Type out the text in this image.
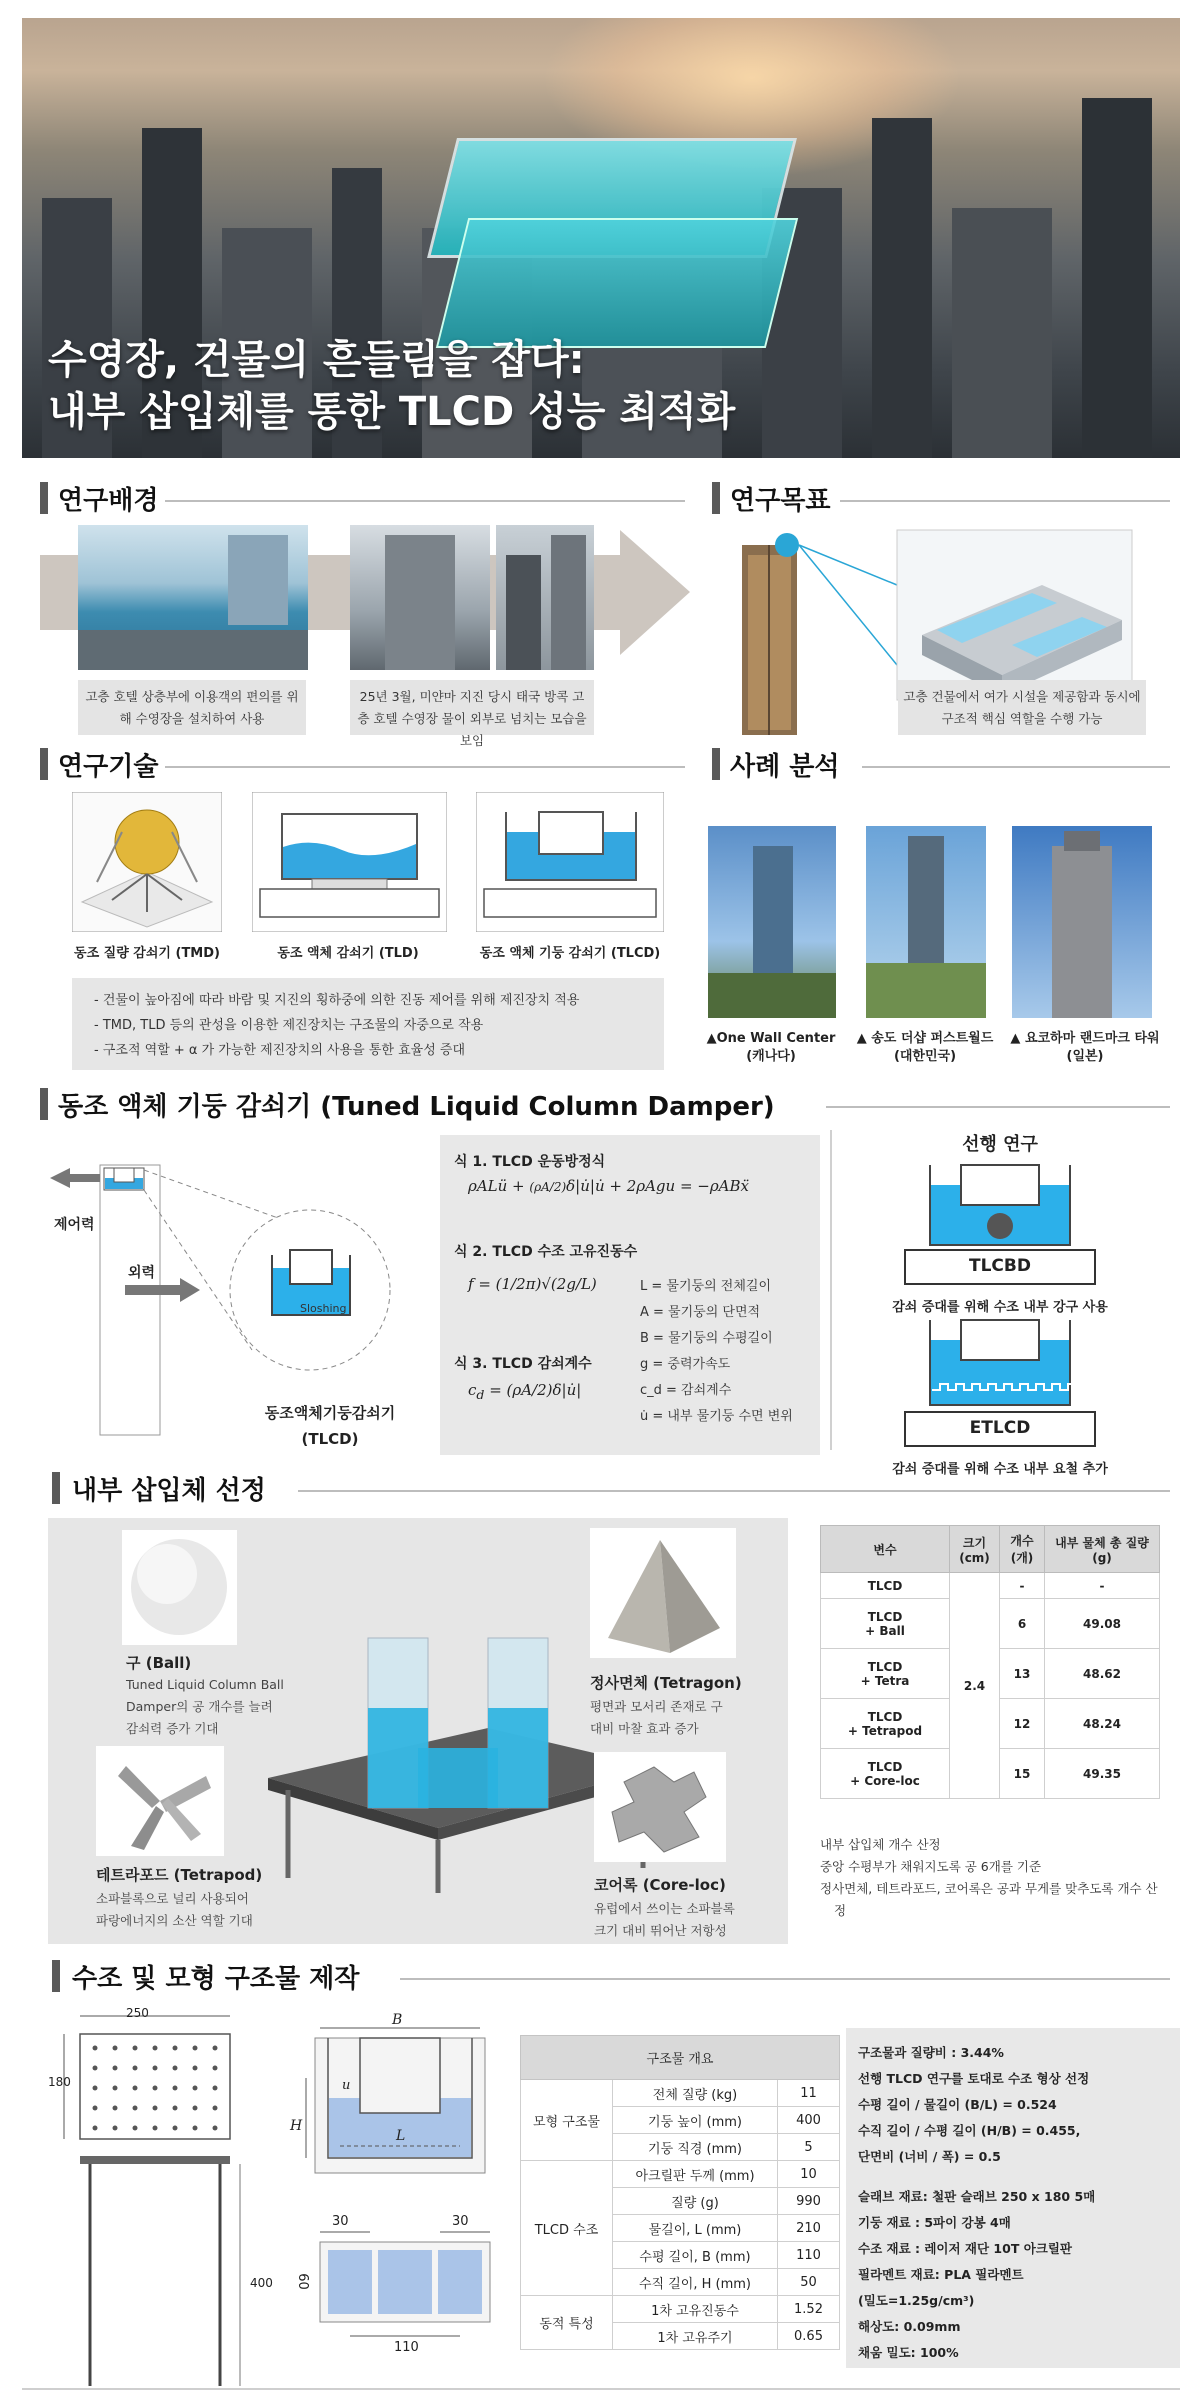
수영장, 건물의 흔들림을 잡다:
내부 삽입체를 통한 TLCD 성능 최적화
연구배경
고층 호텔 상층부에 이용객의 편의를 위해 수영장을 설치하여 사용
25년 3월, 미얀마 지진 당시 태국 방콕 고층 호텔 수영장 물이 외부로 넘치는 모습을 보임
연구목표
고층 건물에서 여가 시설을 제공함과 동시에 구조적 핵심 역할을 수행 가능
연구기술
동조 질량 감쇠기 (TMD)	동조 액체 감쇠기 (TLD)	동조 액체 기둥 감쇠기 (TLCD)
- 건물이 높아짐에 따라 바람 및 지진의 횡하중에 의한 진동 제어를 위해 제진장치 적용
- TMD, TLD 등의 관성을 이용한 제진장치는 구조물의 자중으로 작용
- 구조적 역할 + α 가 가능한 제진장치의 사용을 통한 효율성 증대
사례 분석
▲One Wall Center
(캐나다)
▲ 송도 더샵 퍼스트월드
(대한민국)
▲ 요코하마 랜드마크 타워
(일본)
동조 액체 기둥 감쇠기 (Tuned Liquid Column Damper)
제어력
외력
Sloshing
동조액체기둥감쇠기
(TLCD)
식 1. TLCD 운동방정식
ρALü + (ρA/2)δ|u̇|u̇ + 2ρAgu = −ρABẍ
식 2. TLCD 수조 고유진동수
f = (1/2π)√(2g/L)
식 3. TLCD 감쇠계수
$c_d$ = (ρA/2)δ|u̇|
L = 물기둥의 전체길이
A = 물기둥의 단면적
B = 물기둥의 수평길이
g = 중력가속도
c_d = 감쇠계수
u̇ = 내부 물기둥 수면 변위
선행 연구
TLCBD
감쇠 증대를 위해 수조 내부 강구 사용
ETLCD
감쇠 증대를 위해 수조 내부 요철 추가
내부 삽입체 선정
구 (Ball)
Tuned Liquid Column Ball
Damper의 공 개수를 늘려
감쇠력 증가 기대
정사면체 (Tetragon)
평면과 모서리 존재로 구
대비 마찰 효과 증가
테트라포드 (Tetrapod)
소파블록으로 널리 사용되어
파랑에너지의 소산 역할 기대
코어록 (Core-loc)
유럽에서 쓰이는 소파블록
크기 대비 뛰어난 저항성
변수	크기 (cm)	개수 (개)	내부 물체 총 질량 (g)
TLCD	2.4	-	-
TLCD
+ Ball		6	49.08
TLCD
+ Tetra		13	48.62
TLCD
+ Tetrapod		12	48.24
TLCD
+ Core-loc		15	49.35
내부 삽입체 개수 산정
중앙 수평부가 채워지도록 공 6개를 기준
정사면체, 테트라포드, 코어록은 공과 무게를 맞추도록 개수 산정
수조 및 모형 구조물 제작
250
180
400
B
H
L
u
30	30
60
110
구조물 개요		
모형 구조물	전체 질량 (kg)	11
	기둥 높이 (mm)	400
	기둥 직경 (mm)	5
TLCD 수조	아크릴판 두께 (mm)	10
	질량 (g)	990
	물길이, L (mm)	210
	수평 길이, B (mm)	110
	수직 길이, H (mm)	50
동적 특성	1차 고유진동수	1.52
	1차 고유주기	0.65
구조물과 질량비 : 3.44%
선행 TLCD 연구를 토대로 수조 형상 선정
수평 길이 / 물길이 (B/L) = 0.524
수직 길이 / 수평 길이 (H/B) = 0.455,
단면비 (너비 / 폭) = 0.5
슬래브 재료: 철판 슬래브 250 x 180 5매
기둥 재료 : 5파이 강봉 4매
수조 재료 : 레이저 재단 10T 아크릴판
필라멘트 재료: PLA 필라멘트
(밀도=1.25g/cm³)
해상도: 0.09mm
채움 밀도: 100%
